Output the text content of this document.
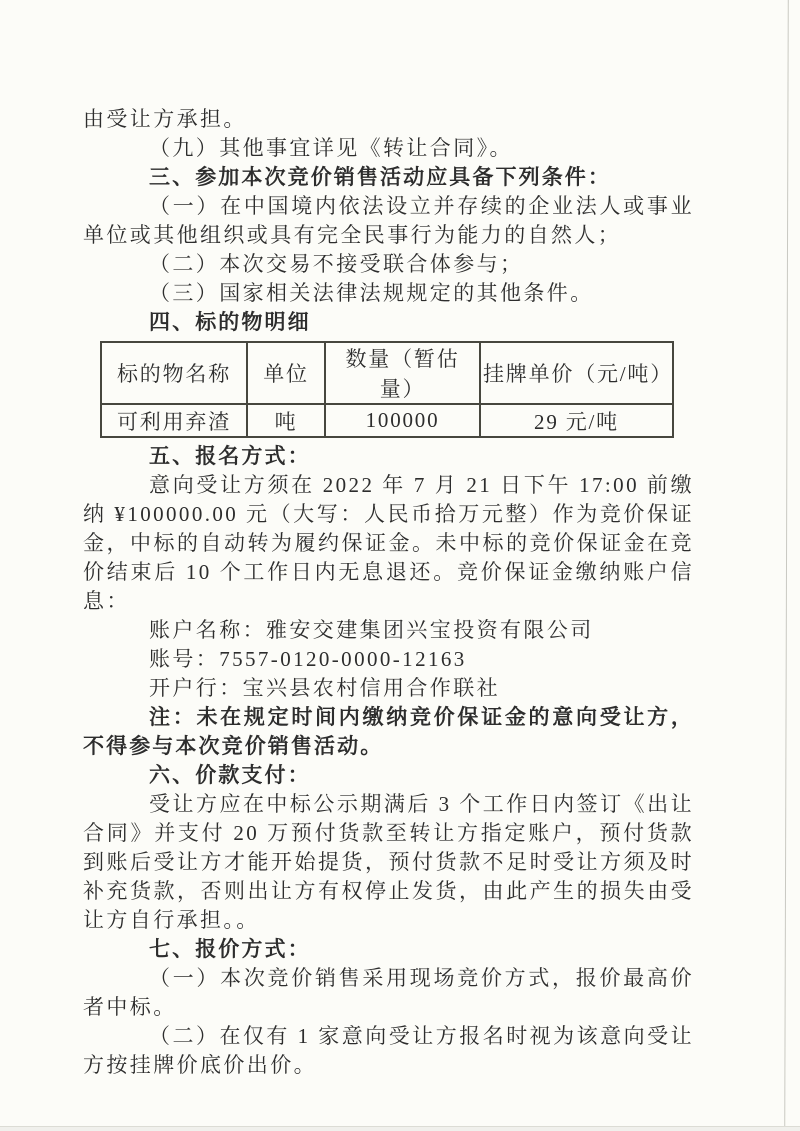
由受让方承担。

（九）其他事宜详见《转让合同》。

三、参加本次竞价销售活动应具备下列条件：

（一）在中国境内依法设立并存续的企业法人或事业单位或其他组织或具有完全民事行为能力的自然人；

（二）本次交易不接受联合体参与；

（三）国家相关法律法规规定的其他条件。

四、标的物明细

标的物名称	单位	数量（暂估量）	挂牌单价（元/吨）
可利用弃渣	吨	100000	29 元/吨

五、报名方式：

意向受让方须在 2022 年 7 月 21 日下午 17:00 前缴纳 ¥100000.00 元（大写：人民币拾万元整）作为竞价保证金，中标的自动转为履约保证金。未中标的竞价保证金在竞价结束后 10 个工作日内无息退还。竞价保证金缴纳账户信息：

账户名称：雅安交建集团兴宝投资有限公司

账号：7557-0120-0000-12163

开户行：宝兴县农村信用合作联社

注：未在规定时间内缴纳竞价保证金的意向受让方，不得参与本次竞价销售活动。

六、价款支付：

受让方应在中标公示期满后 3 个工作日内签订《出让合同》并支付 20 万预付货款至转让方指定账户，预付货款到账后受让方才能开始提货，预付货款不足时受让方须及时补充货款，否则出让方有权停止发货，由此产生的损失由受让方自行承担。。

七、报价方式：

（一）本次竞价销售采用现场竞价方式，报价最高价者中标。

（二）在仅有 1 家意向受让方报名时视为该意向受让方按挂牌价底价出价。
